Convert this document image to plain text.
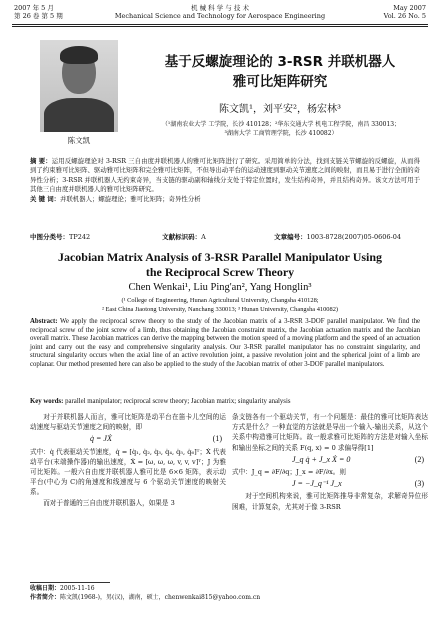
2007 年 5 月
第 26 卷 第 5 期
机 械 科 学 与 技 术
Mechanical Science and Technology for Aerospace Engineering
May 2007
Vol. 26 No. 5
陈文凯
基于反螺旋理论的 3-RSR 并联机器人
雅可比矩阵研究
陈文凯¹，刘平安²，杨宏林³
（¹湖南农业大学 工学院，长沙 410128；²华东交通大学 机电工程学院，南昌 330013；
³湖南大学 工商管理学院，长沙 410082）
摘 要：运用反螺旋理论对 3-RSR 三自由度并联机器人的雅可比矩阵进行了研究。采用简单的分法，找到支链关节螺旋的反螺旋，从而得到了约束雅可比矩阵、驱动雅可比矩阵和完全雅可比矩阵，不但导出动平台的运动速度到驱动关节速度之间的映射，而且易于进行全面的奇异性分析；3-RSR 并联机器人无约束奇异，当支链的驱动副和轴线分支处于特定位置时，发生结构奇异，并且结构奇异。该文方法可用于其他三自由度并联机器人的雅可比矩阵研究。
关 键 词：并联机器人；螺旋理论；雅可比矩阵；奇异性分析
中图分类号：TP242	文献标识码：A	文章编号：1003-8728(2007)05-0606-04
Jacobian Matrix Analysis of 3-RSR Parallel Manipulator Using
the Reciprocal Screw Theory
Chen Wenkai¹, Liu Ping'an², Yang Honglin³
(¹ College of Engineering, Hunan Agricultural University, Changsha 410128;
² East China Jiaotong University, Nanchang 330013; ³ Hunan University, Changsha 410082)
Abstract: We apply the reciprocal screw theory to the study of the Jacobian matrix of a 3-RSR 3-DOF parallel manipulator. We find the reciprocal screw of the joint screw of a limb, thus obtaining the Jacobian constraint matrix, the Jacobian actuation matrix and the Jacobian overall matrix. These Jacobian matrices can derive the mapping between the motion speed of a moving platform and the speed of an actuation joint and carry out the easy and comprehensive singularity analysis. Our 3-RSR parallel manipulator has no constraint singularity, and structural singularity occurs when the axial line of an active revolution joint, a passive revolution joint and the spherical joint of a limb are coplanar. Our method presented here can also be applied to the study of the Jacobian matrix of other 3-DOF parallel manipulators.
Key words: parallel manipulator; reciprocal screw theory; Jacobian matrix; singularity analysis
对于并联机器人而言，雅可比矩阵是动平台在笛卡儿空间的运动速度与驱动关节速度之间的映射，即
q̇ = JẊ	(1)
式中：q̇ 代表驱动关节速度，q̇ = [q̇₁, q̇₂, q̇₃, q̇₄, q̇₅, q̇₆]ᵀ；Ẋ 代表动平台(末端操作器)的输出速度，Ẋ = [ω, ω, ω, v, v, v]ᵀ；J 为雅可比矩阵。一般六自由度并联机器人雅可比是 6×6 矩阵，表示动平台(中心为 C)的角速度和线速度与 6 个驱动关节速度的映射关系。
而对于普通的三自由度并联机器人，如果是 3
条支链各有一个驱动关节，有一个问题是：最佳的雅可比矩阵表达方式是什么？一种直觉的方法就是导出一个输入-输出关系，从这个关系中构造雅可比矩阵。故一般求雅可比矩阵的方法是对输入坐标和输出坐标之间的关系 F(q, x) = 0 求偏导得[1]
J_q q̇ + J_x Ẋ = 0	(2)
式中：J_q = ∂F/∂q；J_x = ∂F/∂x。则
J = −J_q⁻¹ J_x	(3)
对于空间机构来说，雅可比矩阵推导非常复杂，求解奇异位形困难，计算复杂，尤其对于像 3-RSR
收稿日期：2005-11-16
作者简介：陈文凯(1968-)，男(汉)，湖南，硕士，chenwenkai815@yahoo.com.cn
